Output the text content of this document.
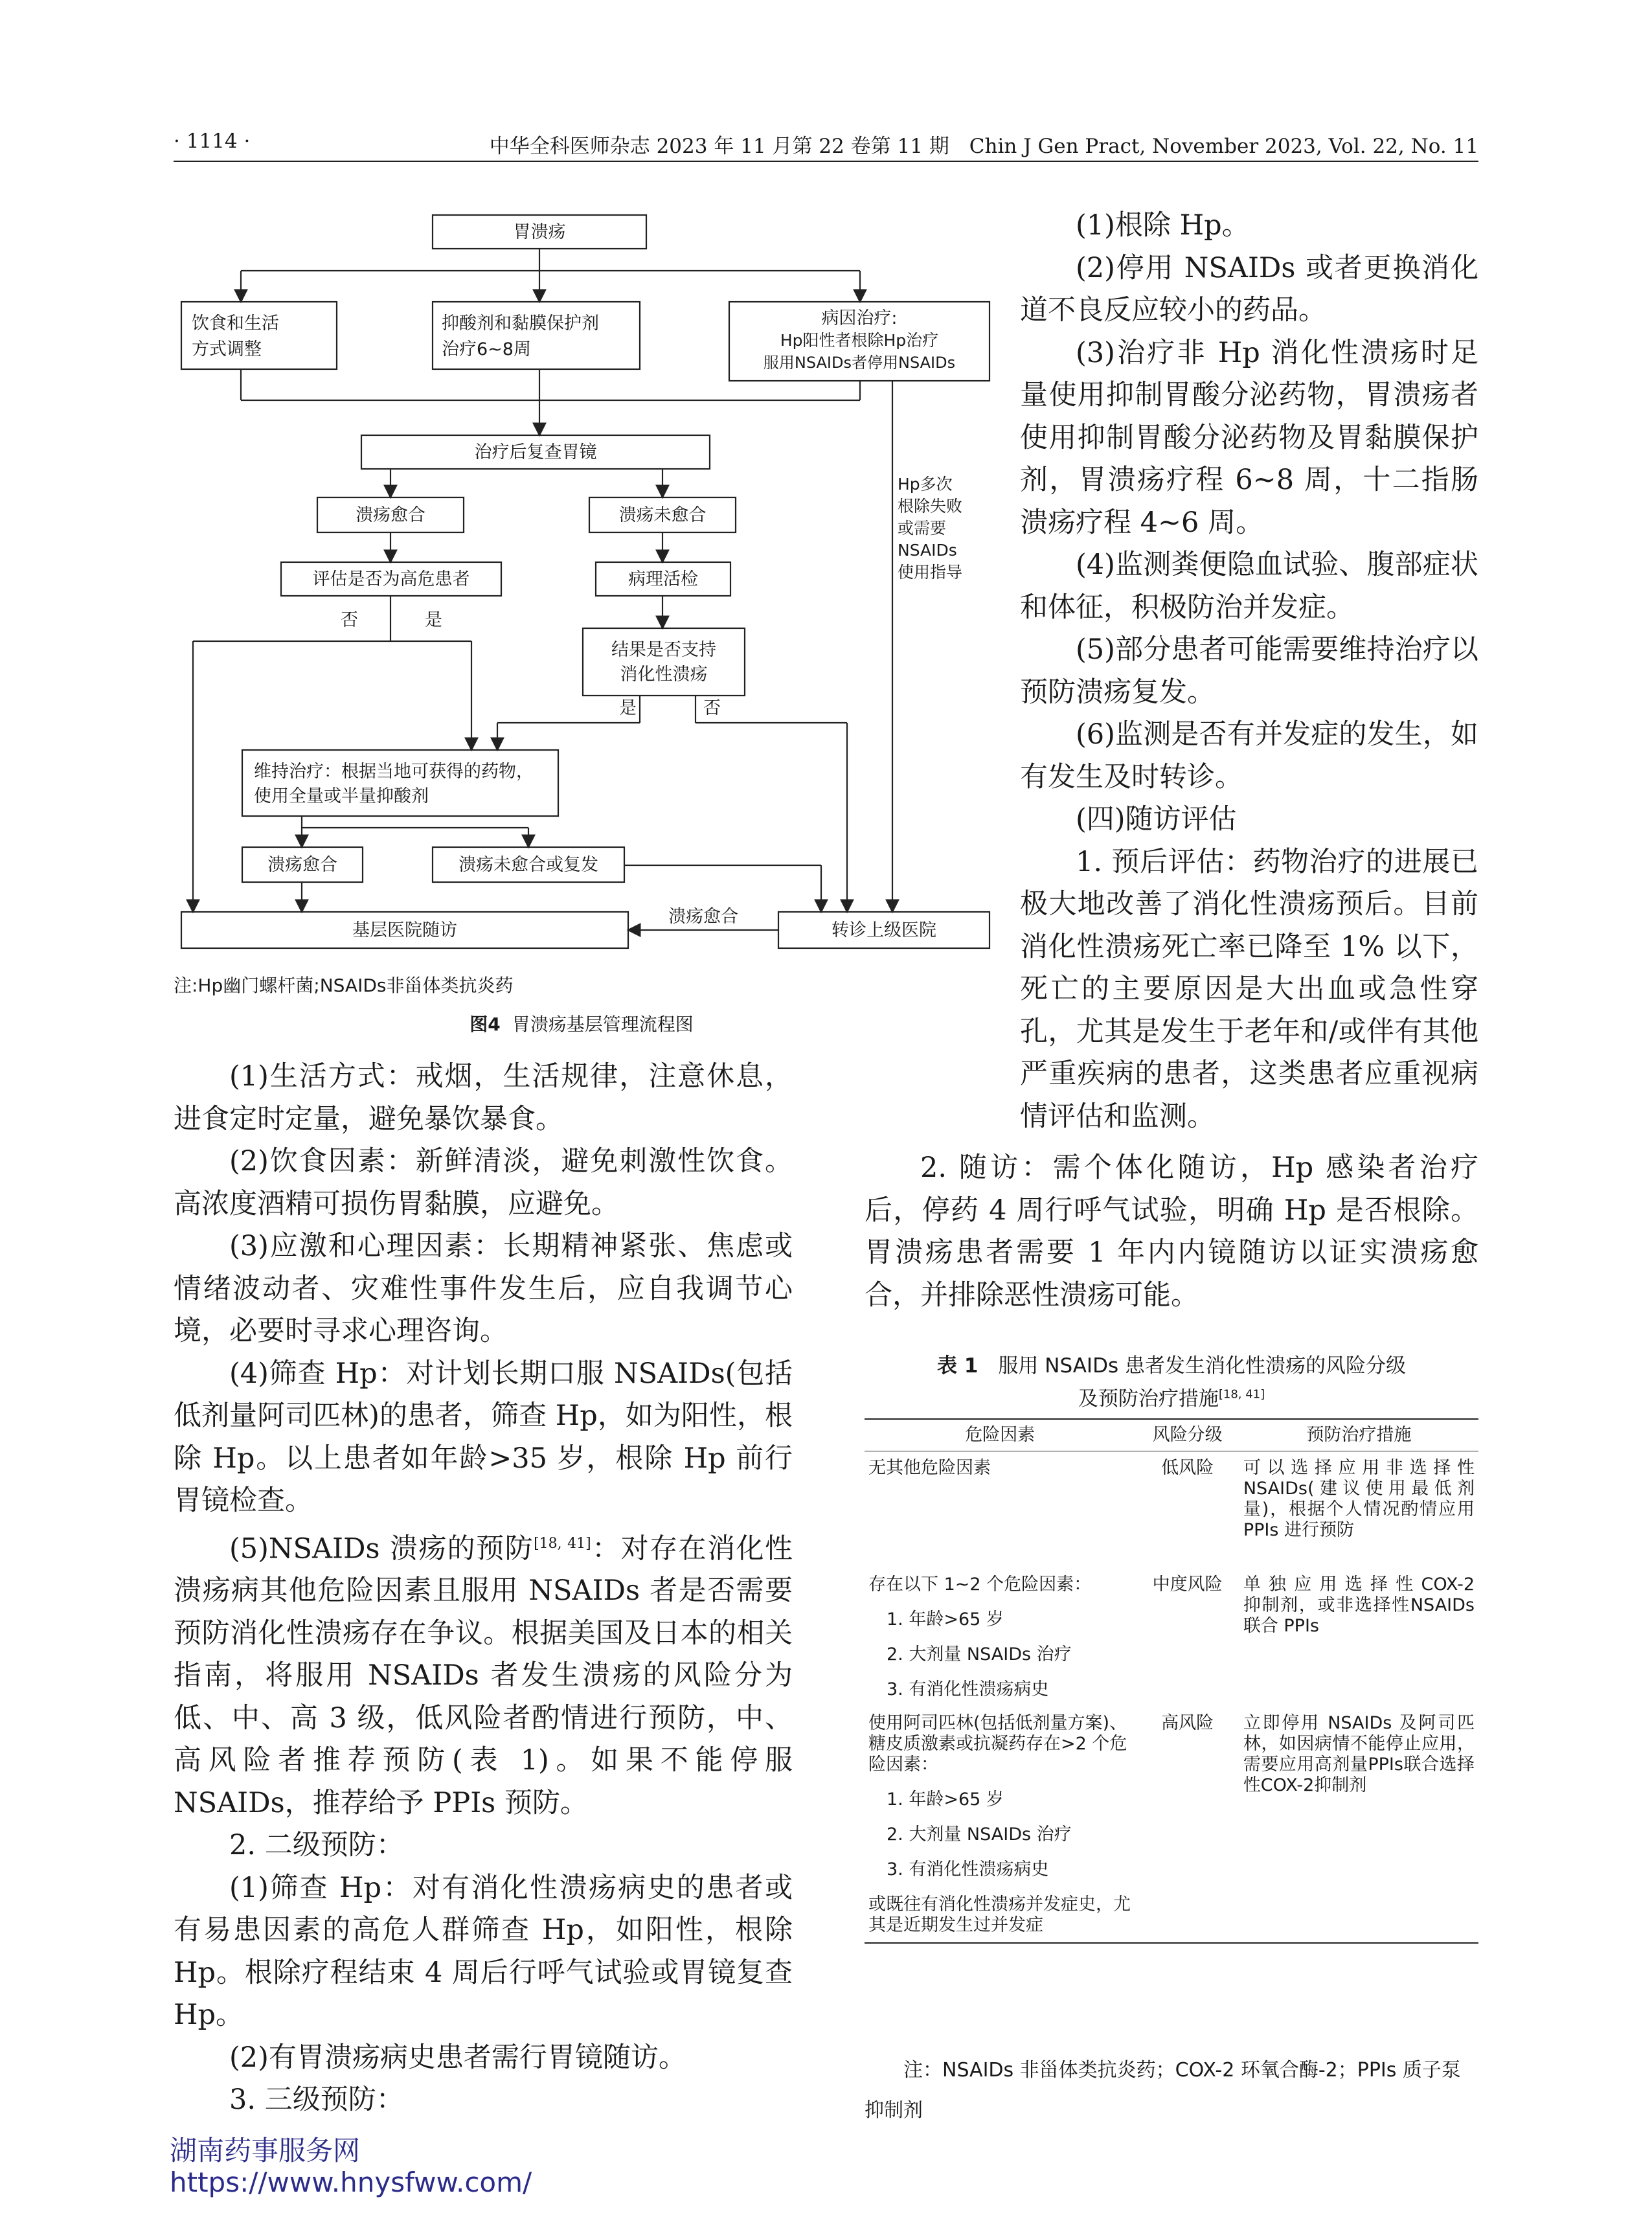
· 1114 ·	中华全科医师杂志 2023 年 11 月第 22 卷第 11 期　Chin J Gen Pract, November 2023, Vol. 22, No. 11
胃溃疡
饮食和生活
方式调整
抑酸剂和黏膜保护剂
治疗6~8周
病因治疗:
Hp阳性者根除Hp治疗
服用NSAIDs者停用NSAIDs
治疗后复查胃镜
溃疡愈合	溃疡未愈合
评估是否为高危患者	病理活检
结果是否支持
消化性溃疡
否	是
是	否
维持治疗：根据当地可获得的药物，
使用全量或半量抑酸剂
溃疡愈合	溃疡未愈合或复发
基层医院随访	转诊上级医院
溃疡愈合
Hp多次
根除失败
或需要
NSAIDs
使用指导
注:Hp幽门螺杆菌;NSAIDs非甾体类抗炎药
图4 胃溃疡基层管理流程图

(1)根除 Hp。

(2)停用 NSAIDs 或者更换消化道不良反应较小的药品。

(3)治疗非 Hp 消化性溃疡时足量使用抑制胃酸分泌药物，胃溃疡者使用抑制胃酸分泌药物及胃黏膜保护剂，胃溃疡疗程 6~8 周，十二指肠溃疡疗程 4~6 周。

(4)监测粪便隐血试验、腹部症状和体征，积极防治并发症。

(5)部分患者可能需要维持治疗以预防溃疡复发。

(6)监测是否有并发症的发生，如有发生及时转诊。

(四)随访评估

1. 预后评估：药物治疗的进展已极大地改善了消化性溃疡预后。目前消化性溃疡死亡率已降至 1% 以下，死亡的主要原因是大出血或急性穿孔，尤其是发生于老年和/或伴有其他严重疾病的患者，这类患者应重视病情评估和监测。

(1)生活方式：戒烟，生活规律，注意休息，进食定时定量，避免暴饮暴食。

(2)饮食因素：新鲜清淡，避免刺激性饮食。高浓度酒精可损伤胃黏膜，应避免。

(3)应激和心理因素：长期精神紧张、焦虑或情绪波动者、灾难性事件发生后，应自我调节心境，必要时寻求心理咨询。

(4)筛查 Hp：对计划长期口服 NSAIDs(包括低剂量阿司匹林)的患者，筛查 Hp，如为阳性，根除 Hp。以上患者如年龄>35 岁，根除 Hp 前行胃镜检查。

(5)NSAIDs 溃疡的预防[18, 41]：对存在消化性溃疡病其他危险因素且服用 NSAIDs 者是否需要预防消化性溃疡存在争议。根据美国及日本的相关指南，将服用 NSAIDs 者发生溃疡的风险分为低、中、高 3 级，低风险者酌情进行预防，中、高风险者推荐预防(表 1)。如果不能停服 NSAIDs，推荐给予 PPIs 预防。

2. 二级预防：

(1)筛查 Hp：对有消化性溃疡病史的患者或有易患因素的高危人群筛查 Hp，如阳性，根除 Hp。根除疗程结束 4 周后行呼气试验或胃镜复查 Hp。

(2)有胃溃疡病史患者需行胃镜随访。

3. 三级预防：

2. 随访：需个体化随访，Hp 感染者治疗后，停药 4 周行呼气试验，明确 Hp 是否根除。胃溃疡患者需要 1 年内内镜随访以证实溃疡愈合，并排除恶性溃疡可能。

表 1　 服用 NSAIDs 患者发生消化性溃疡的风险分级
及预防治疗措施[18, 41]
危险因素	风险分级	预防治疗措施
无其他危险因素	低风险	可以选择应用非选择性 NSAIDs(建议使用最低剂量)，根据个人情况酌情应用 PPIs 进行预防
存在以下 1~2 个危险因素：
1. 年龄>65 岁
2. 大剂量 NSAIDs 治疗
3. 有消化性溃疡病史	中度风险	单 独 应 用 选 择 性 COX-2 抑制剂，或非选择性NSAIDs联合 PPIs
使用阿司匹林(包括低剂量方案)、糖皮质激素或抗凝药存在>2 个危险因素：
1. 年龄>65 岁
2. 大剂量 NSAIDs 治疗
3. 有消化性溃疡病史
或既往有消化性溃疡并发症史，尤其是近期发生过并发症	高风险	立即停用 NSAIDs 及阿司匹林，如因病情不能停止应用，需要应用高剂量PPIs联合选择性COX-2抑制剂
注：NSAIDs 非甾体类抗炎药；COX-2 环氧合酶-2；PPIs 质子泵抑制剂
湖南药事服务网
https://www.hnysfww.com/
